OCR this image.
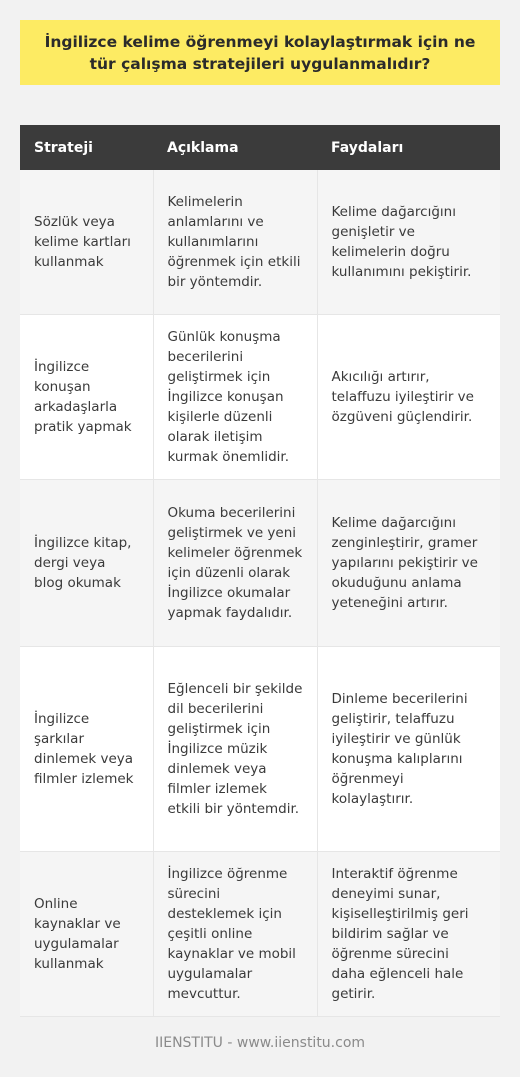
İngilizce kelime öğrenmeyi kolaylaştırmak için ne tür çalışma stratejileri uygulanmalıdır?
Strateji	Açıklama	Faydaları
Sözlük veya kelime kartları kullanmak	Kelimelerin anlamlarını ve kullanımlarını öğrenmek için etkili bir yöntemdir.	Kelime dağarcığını genişletir ve kelimelerin doğru kullanımını pekiştirir.
İngilizce konuşan arkadaşlarla pratik yapmak	Günlük konuşma becerilerini geliştirmek için İngilizce konuşan kişilerle düzenli olarak iletişim kurmak önemlidir.	Akıcılığı artırır, telaffuzu iyileştirir ve özgüveni güçlendirir.
İngilizce kitap, dergi veya blog okumak	Okuma becerilerini geliştirmek ve yeni kelimeler öğrenmek için düzenli olarak İngilizce okumalar yapmak faydalıdır.	Kelime dağarcığını zenginleştirir, gramer yapılarını pekiştirir ve okuduğunu anlama yeteneğini artırır.
İngilizce şarkılar dinlemek veya filmler izlemek	Eğlenceli bir şekilde dil becerilerini geliştirmek için İngilizce müzik dinlemek veya filmler izlemek etkili bir yöntemdir.	Dinleme becerilerini geliştirir, telaffuzu iyileştirir ve günlük konuşma kalıplarını öğrenmeyi kolaylaştırır.
Online kaynaklar ve uygulamalar kullanmak	İngilizce öğrenme sürecini desteklemek için çeşitli online kaynaklar ve mobil uygulamalar mevcuttur.	Interaktif öğrenme deneyimi sunar, kişiselleştirilmiş geri bildirim sağlar ve öğrenme sürecini daha eğlenceli hale getirir.
IIENSTITU - www.iienstitu.com
